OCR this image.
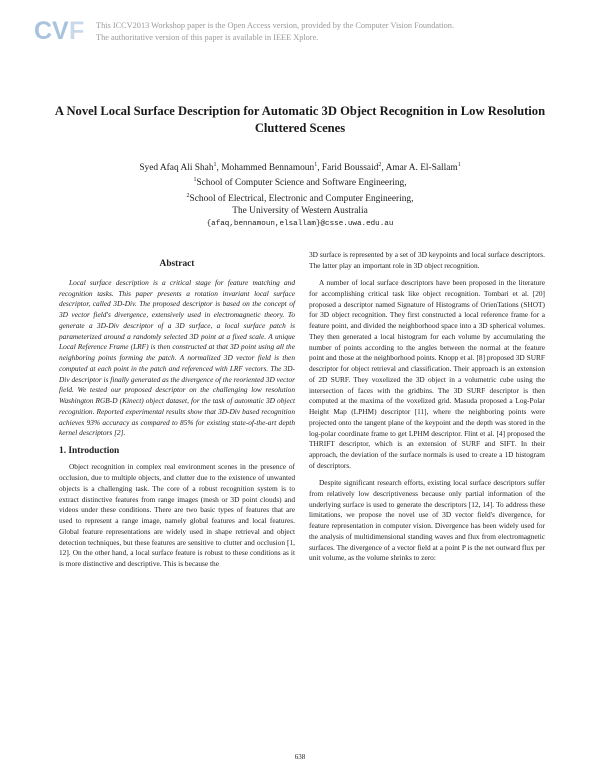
CV F This ICCV2013 Workshop paper is the Open Access version, provided by the Computer Vision Foundation.
The authoritative version of this paper is available in IEEE Xplore.
A Novel Local Surface Description for Automatic 3D Object Recognition in Low Resolution Cluttered Scenes
Syed Afaq Ali Shah$^1$, Mohammed Bennamoun$^1$, Farid Boussaid$^2$, Amar A. El-Sallam$^1$
$^1$School of Computer Science and Software Engineering,
$^2$School of Electrical, Electronic and Computer Engineering,
The University of Western Australia
{afaq,bennamoun,elsallam}@csse.uwa.edu.au
Abstract

Local surface description is a critical stage for feature matching and recognition tasks. This paper presents a rotation invariant local surface descriptor, called 3D-Div. The proposed descriptor is based on the concept of 3D vector field's divergence, extensively used in electromagnetic theory. To generate a 3D-Div descriptor of a 3D surface, a local surface patch is parameterized around a randomly selected 3D point at a fixed scale. A unique Local Reference Frame (LRF) is then constructed at that 3D point using all the neighboring points forming the patch. A normalized 3D vector field is then computed at each point in the patch and referenced with LRF vectors. The 3D-Div descriptor is finally generated as the divergence of the reoriented 3D vector field. We tested our proposed descriptor on the challenging low resolution Washington RGB-D (Kinect) object dataset, for the task of automatic 3D object recognition. Reported experimental results show that 3D-Div based recognition achieves 93% accuracy as compared to 85% for existing state-of-the-art depth kernel descriptors [2].

1. Introduction

Object recognition in complex real environment scenes in the presence of occlusion, due to multiple objects, and clutter due to the existence of unwanted objects is a challenging task. The core of a robust recognition system is to extract distinctive features from range images (mesh or 3D point clouds) and videos under these conditions. There are two basic types of features that are used to represent a range image, namely global features and local features. Global feature representations are widely used in shape retrieval and object detection techniques, but these features are sensitive to clutter and occlusion [1, 12]. On the other hand, a local surface feature is robust to these conditions as it is more distinctive and descriptive. This is because the

3D surface is represented by a set of 3D keypoints and local surface descriptors. The latter play an important role in 3D object recognition.

A number of local surface descriptors have been proposed in the literature for accomplishing critical task like object recognition. Tombari et al. [20] proposed a descriptor named Signature of Histograms of OrienTations (SHOT) for 3D object recognition. They first constructed a local reference frame for a feature point, and divided the neighborhood space into a 3D spherical volumes. They then generated a local histogram for each volume by accumulating the number of points according to the angles between the normal at the feature point and those at the neighborhood points. Knopp et al. [8] proposed 3D SURF descriptor for object retrieval and classification. Their approach is an extension of 2D SURF. They voxelized the 3D object in a volumetric cube using the intersection of faces with the gridbins. The 3D SURF descriptor is then computed at the maxima of the voxelized grid. Masuda proposed a Log-Polar Height Map (LPHM) descriptor [11], where the neighboring points were projected onto the tangent plane of the keypoint and the depth was stored in the log-polar coordinate frame to get LPHM descriptor. Flint et al. [4] proposed the THRIFT descriptor, which is an extension of SURF and SIFT. In their approach, the deviation of the surface normals is used to create a 1D histogram of descriptors.

Despite significant research efforts, existing local surface descriptors suffer from relatively low descriptiveness because only partial information of the underlying surface is used to generate the descriptors [12, 14]. To address these limitations, we propose the novel use of 3D vector field's divergence, for feature representation in computer vision. Divergence has been widely used for the analysis of multidimensional standing waves and flux from electromagnetic surfaces. The divergence of a vector field at a point P is the net outward flux per unit volume, as the volume shrinks to zero:

638
